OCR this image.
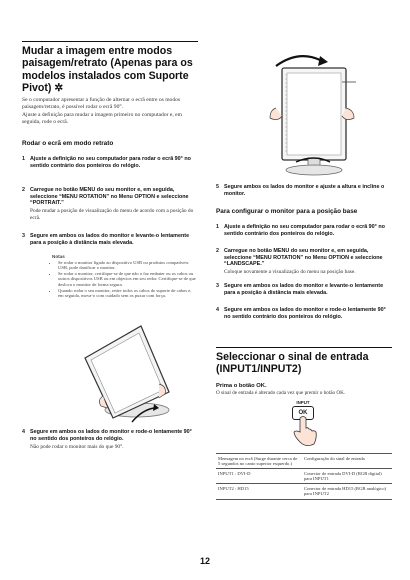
Mudar a imagem entre modos paisagem/retrato (Apenas para os modelos instalados com Suporte Pivot) ✲
Se o computador apresentar a função de alternar o ecrã entre os modos paisagem/retrato, é possível rodar o ecrã 90°.
Ajuste a definição para mudar a imagem primeiro no computador e, em seguida, rode o ecrã.
Rodar o ecrã em modo retrato
1 Ajuste a definição no seu computador para rodar o ecrã 90° no sentido contrário dos ponteiros do relógio.
2 Carregue no botão MENU do seu monitor e, em seguida, seleccione “MENU ROTATION” no Menu OPTION e seleccione “PORTRAIT.”
Pode mudar a posição de visualização do menu de acordo com a posição do ecrã.
3 Segure em ambos os lados do monitor e levante-o lentamente para a posição à distância mais elevada.
Notas
• Se rodar o monitor ligado ao dispositivo USB ou produtos compatíveis USB, pode danificar o monitor.
• Se rodar o monitor, certifique-se de que não o faz embater ou os cabos ou outros dispositivos USB ou em objectos em seu redor. Certifique-se de que desloca o monitor de forma segura.
• Quando rodar o seu monitor, retire todos os cabos do suporte de cabos e, em seguida, mova-o com cuidado sem os puxar com força.
4 Segure em ambos os lados do monitor e rode-o lentamente 90° no sentido dos ponteiros do relógio.
Não pode rodar o monitor mais do que 90°.
5 Segure ambos os lados do monitor e ajuste a altura e incline o monitor.
Para configurar o monitor para a posição base
1 Ajuste a definição no seu computador para rodar o ecrã 90° no sentido contrário dos ponteiros do relógio.
2 Carregue no botão MENU do seu monitor e, em seguida, seleccione “MENU ROTATION” no Menu OPTION e seleccione “LANDSCAPE.”
Coloque novamente a visualização do menu na posição base.
3 Segure em ambos os lados do monitor e levante-o lentamente para a posição à distância mais elevada.
4 Segure em ambos os lados do monitor e rode-o lentamente 90° no sentido contrário dos ponteiros do relógio.
Seleccionar o sinal de entrada (INPUT1/INPUT2)
Prima o botão OK.
O sinal de entrada é alterado cada vez que premir o botão OK.
INPUT
OK
Mensagem no ecrã (Surge durante cerca de 5 segundos no canto superior esquerdo.)	Configuração do sinal de entrada
INPUT1 : DVI-D	Conector de entrada DVI-D (RGB digital) para INPUT1
INPUT2 : HD15	Conector de entrada HD15 (RGB analógico) para INPUT2
12
